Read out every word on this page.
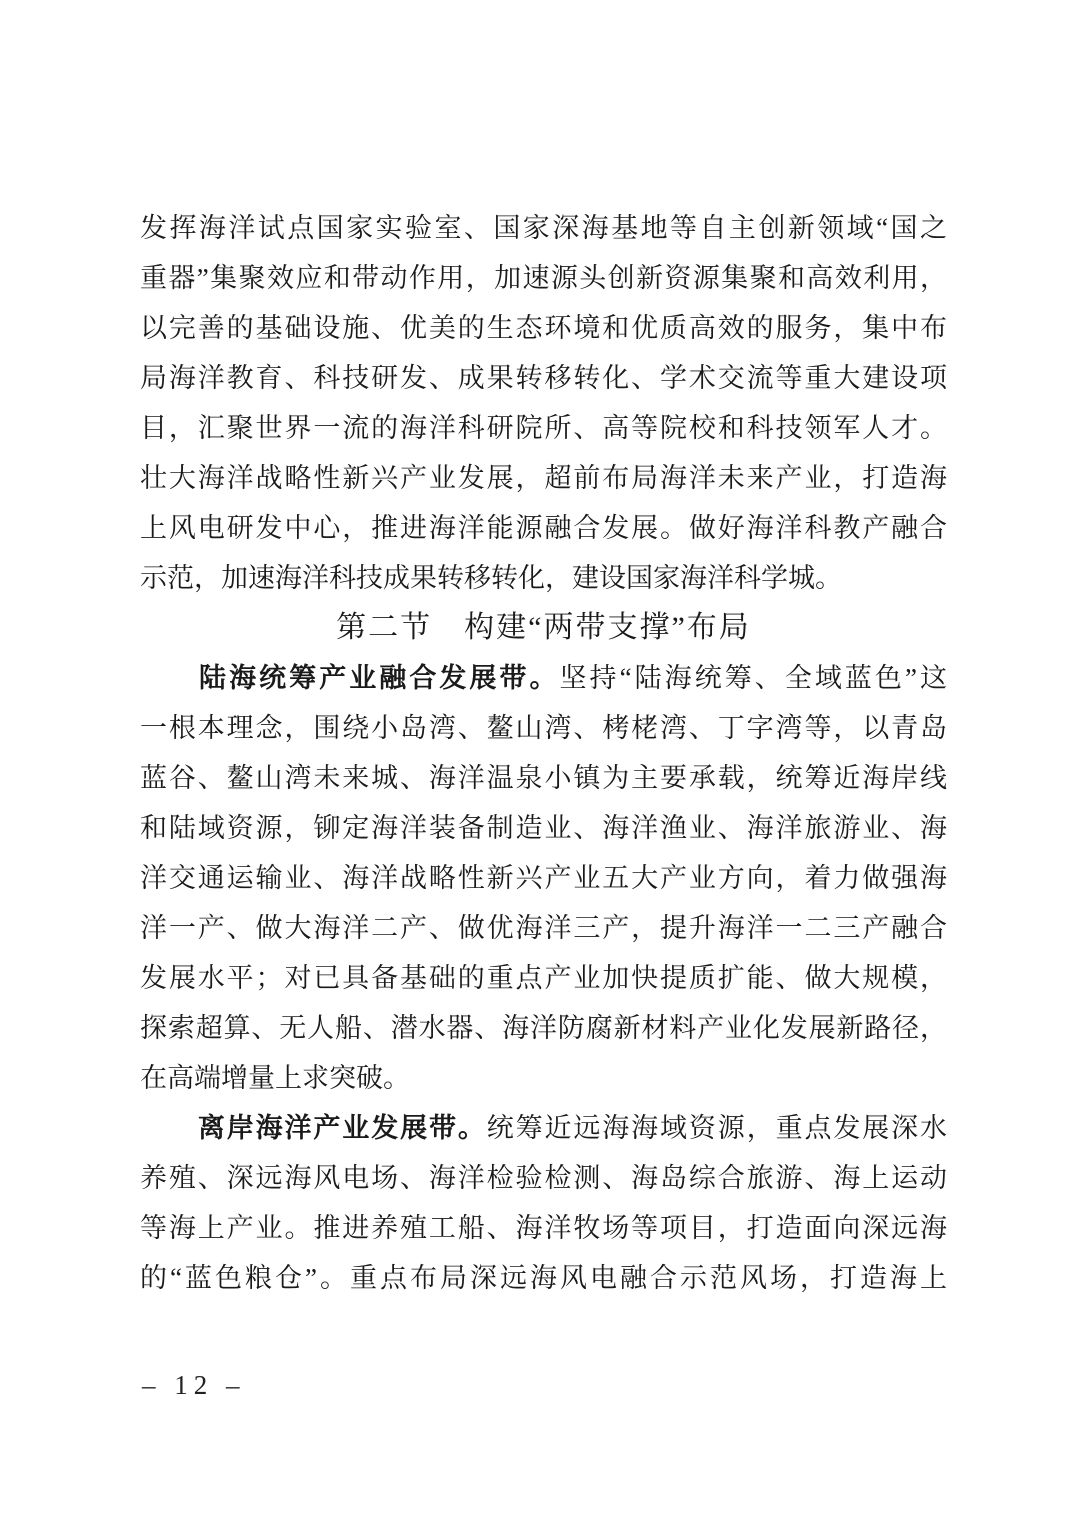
发挥海洋试点国家实验室、国家深海基地等自主创新领域“国之
重器”集聚效应和带动作用，加速源头创新资源集聚和高效利用，
以完善的基础设施、优美的生态环境和优质高效的服务，集中布
局海洋教育、科技研发、成果转移转化、学术交流等重大建设项
目，汇聚世界一流的海洋科研院所、高等院校和科技领军人才。
壮大海洋战略性新兴产业发展，超前布局海洋未来产业，打造海
上风电研发中心，推进海洋能源融合发展。做好海洋科教产融合
示范，加速海洋科技成果转移转化，建设国家海洋科学城。
第二节　构建“两带支撑”布局
陆海统筹产业融合发展带。坚持“陆海统筹、全域蓝色”这
一根本理念，围绕小岛湾、鳌山湾、栲栳湾、丁字湾等，以青岛
蓝谷、鳌山湾未来城、海洋温泉小镇为主要承载，统筹近海岸线
和陆域资源，铆定海洋装备制造业、海洋渔业、海洋旅游业、海
洋交通运输业、海洋战略性新兴产业五大产业方向，着力做强海
洋一产、做大海洋二产、做优海洋三产，提升海洋一二三产融合
发展水平；对已具备基础的重点产业加快提质扩能、做大规模，
探索超算、无人船、潜水器、海洋防腐新材料产业化发展新路径，
在高端增量上求突破。
离岸海洋产业发展带。统筹近远海海域资源，重点发展深水
养殖、深远海风电场、海洋检验检测、海岛综合旅游、海上运动
等海上产业。推进养殖工船、海洋牧场等项目，打造面向深远海
的“蓝色粮仓”。重点布局深远海风电融合示范风场，打造海上
– 12 –
